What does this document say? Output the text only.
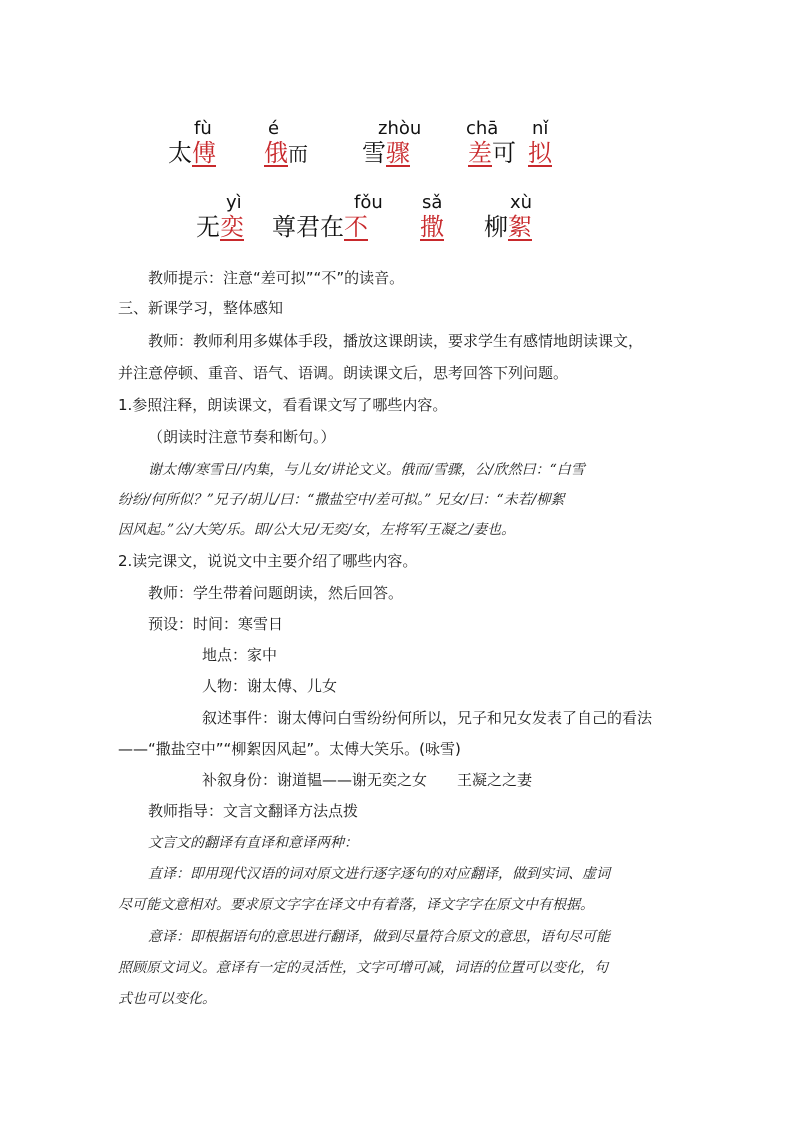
fù
太傅
é
俄而
zhòu
雪骤
chā
差可
nǐ
拟
yì
无奕
fǒu
尊君在不
sǎ
撒
xù
柳絮
教师提示：注意“差可拟”“不”的读音。
三、新课学习，整体感知
教师：教师利用多媒体手段，播放这课朗读，要求学生有感情地朗读课文，
并注意停顿、重音、语气、语调。朗读课文后，思考回答下列问题。
1.参照注释，朗读课文，看看课文写了哪些内容。
（朗读时注意节奏和断句。）
谢太傅/寒雪日/内集，与儿女/讲论文义。俄而/雪骤，公/欣然曰：“白雪
纷纷/何所似？”兄子/胡儿/曰：“撒盐空中/差可拟。” 兄女/曰：“未若/柳絮
因风起。”公/大笑/乐。即/公大兄/无奕/女，左将军/王凝之/妻也。
2.读完课文，说说文中主要介绍了哪些内容。
教师：学生带着问题朗读，然后回答。
预设：时间：寒雪日
地点：家中
人物：谢太傅、儿女
叙述事件：谢太傅问白雪纷纷何所以，兄子和兄女发表了自己的看法
——“撒盐空中”“柳絮因风起”。太傅大笑乐。(咏雪)
补叙身份：谢道韫——谢无奕之女　　王凝之之妻
教师指导：文言文翻译方法点拨
文言文的翻译有直译和意译两种：
直译：即用现代汉语的词对原文进行逐字逐句的对应翻译，做到实词、虚词
尽可能文意相对。要求原文字字在译文中有着落，译文字字在原文中有根据。
意译：即根据语句的意思进行翻译，做到尽量符合原文的意思，语句尽可能
照顾原文词义。意译有一定的灵活性，文字可增可减，词语的位置可以变化，句
式也可以变化。
